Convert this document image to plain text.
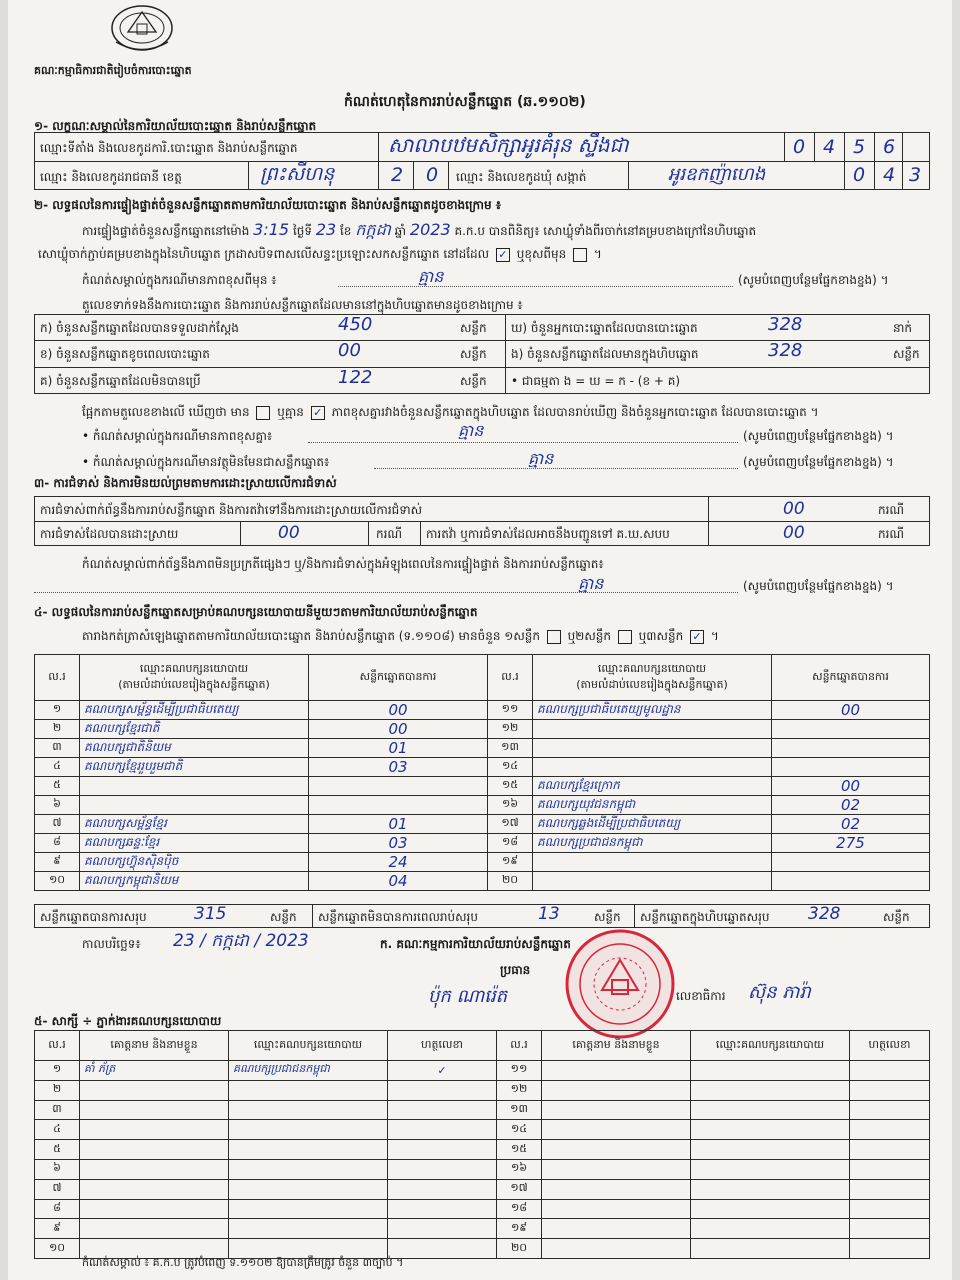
គណៈកម្មាធិការជាតិរៀបចំការបោះឆ្នោត
កំណត់ហេតុនៃការរាប់សន្លឹកឆ្នោត (ឆ.១១០២)
១- លក្ខណៈសម្គាល់នៃការិយាល័យបោះឆ្នោត និងរាប់សន្លឹកឆ្នោត
ឈ្មោះទីតាំង និងលេខកូដការិ.បោះឆ្នោត និងរាប់សន្លឹកឆ្នោត	សាលាបឋមសិក្សាអូរគំរុន ស្ទឹងជា	0 4 5 6
ឈ្មោះ និងលេខកូដរាជធានី ខេត្ត	ព្រះសីហនុ	2	0	ឈ្មោះ និងលេខកូដឃុំ សង្កាត់	អូរឧកញ៉ាហេង	0 4 3
២- លទ្ធផលនៃការផ្ទៀងផ្ទាត់ចំនួនសន្លឹកឆ្នោតតាមការិយាល័យបោះឆ្នោត និងរាប់សន្លឹកឆ្នោតដូចខាងក្រោម ៖
ការផ្ទៀងផ្ទាត់ចំនួនសន្លឹកឆ្នោតនៅម៉ោង 3:15 ថ្ងៃទី 23 ខែ កក្កដា ឆ្នាំ 2023 គ.ក.ប បានពិនិត្យ៖ សោឃ្លុំទាំងពីរចាក់នៅគម្របខាងក្រៅនៃហិបឆ្នោត
សោឃ្លុំចាក់ភ្ជាប់គម្របខាងក្នុងនៃហិបឆ្នោត ក្រដាសបិទពាសលើសន្ទះប្រឡោះសកសន្លឹកឆ្នោត នៅដដែល ✓ ឬខុសពីមុន  ។
កំណត់សម្គាល់ក្នុងករណីមានភាពខុសពីមុន ៖	គ្មាន	(សូមបំពេញបន្ថែមផ្នែកខាងខ្នង) ។
តួលេខទាក់ទងនឹងការបោះឆ្នោត និងការរាប់សន្លឹកឆ្នោតដែលមាននៅក្នុងហិបឆ្នោតមានដូចខាងក្រោម ៖
ក) ចំនួនសន្លឹកឆ្នោតដែលបានទទួលដាក់ស្តែង	450	សន្លឹក
ខ) ចំនួនសន្លឹកឆ្នោតខូចពេលបោះឆ្នោត	00	សន្លឹក
គ) ចំនួនសន្លឹកឆ្នោតដែលមិនបានប្រើ	122	សន្លឹក
ឃ) ចំនួនអ្នកបោះឆ្នោតដែលបានបោះឆ្នោត	328	នាក់
ង) ចំនួនសន្លឹកឆ្នោតដែលមានក្នុងហិបឆ្នោត	328	សន្លឹក
• ជាធម្មតា ង = ឃ = ក - (ខ + គ)
ផ្អែកតាមតួលេខខាងលើ ឃើញថា មាន ឬគ្មាន ✓ ភាពខុសគ្នារវាងចំនួនសន្លឹកឆ្នោតក្នុងហិបឆ្នោត ដែលបានរាប់ឃើញ និងចំនួនអ្នកបោះឆ្នោត ដែលបានបោះឆ្នោត ។
• កំណត់សម្គាល់ក្នុងករណីមានភាពខុសគ្នា៖	គ្មាន	(សូមបំពេញបន្ថែមផ្នែកខាងខ្នង) ។
• កំណត់សម្គាល់ក្នុងករណីមានវត្ថុមិនមែនជាសន្លឹកឆ្នោត៖	គ្មាន	(សូមបំពេញបន្ថែមផ្នែកខាងខ្នង) ។
៣- ការជំទាស់ និងការមិនយល់ព្រមតាមការដោះស្រាយលើការជំទាស់
ការជំទាស់ពាក់ព័ន្ធនឹងការរាប់សន្លឹកឆ្នោត និងការតវ៉ាទៅនឹងការដោះស្រាយលើការជំទាស់	00	ករណី
ការជំទាស់ដែលបានដោះស្រាយ	00	ករណី ការតវ៉ា ឬការជំទាស់ដែលអាចនឹងបញ្ជូនទៅ គ.ឃ.សបប	00	ករណី
កំណត់សម្គាល់ពាក់ព័ន្ធនឹងភាពមិនប្រក្រតីផ្សេងៗ ឬ/និងការជំទាស់ក្នុងអំឡុងពេលនៃការផ្ទៀងផ្ទាត់ និងការរាប់សន្លឹកឆ្នោត៖
គ្មាន	(សូមបំពេញបន្ថែមផ្នែកខាងខ្នង) ។
៤- លទ្ធផលនៃការរាប់សន្លឹកឆ្នោតសម្រាប់គណបក្សនយោបាយនីមួយៗតាមការិយាល័យរាប់សន្លឹកឆ្នោត
តារាងកត់ត្រាសំឡេងឆ្នោតតាមការិយាល័យបោះឆ្នោត និងរាប់សន្លឹកឆ្នោត (ទ.១១០៨) មានចំនួន ១សន្លឹក ឬ២សន្លឹក ឬ៣សន្លឹក ✓ ។
ល.រ	ឈ្មោះគណបក្សនយោបាយ
(តាមលំដាប់លេខរៀងក្នុងសន្លឹកឆ្នោត)	សន្លឹកឆ្នោតបានការ	ល.រ	ឈ្មោះគណបក្សនយោបាយ
(តាមលំដាប់លេខរៀងក្នុងសន្លឹកឆ្នោត)	សន្លឹកឆ្នោតបានការ
១	គណបក្សសម្ព័ន្ធដើម្បីប្រជាធិបតេយ្យ	00	១១	គណបក្សប្រជាធិបតេយ្យមូលដ្ឋាន	00
២	គណបក្សខ្មែរជាតិ	00	១២		
៣	គណបក្សជាតិនិយម	01	១៣		
៤	គណបក្សខ្មែររួបរួមជាតិ	03	១៤		
៥			១៥	គណបក្សខ្មែរក្រោក	00
៦			១៦	គណបក្សយុវជនកម្ពុជា	02
៧	គណបក្សសម្ព័ន្ធខ្មែរ	01	១៧	គណបក្សឆ្លងដើម្បីប្រជាធិបតេយ្យ	02
៨	គណបក្សឆន្ទៈខ្មែរ	03	១៨	គណបក្សប្រជាជនកម្ពុជា	275
៩	គណបក្សហ៊្វុនស៊ិនប៉ិច	24	១៩		
១០	គណបក្សកម្ពុជានិយម	04	២០		
សន្លឹកឆ្នោតបានការសរុប	315	សន្លឹក សន្លឹកឆ្នោតមិនបានការពេលរាប់សរុប	13	សន្លឹក សន្លឹកឆ្នោតក្នុងហិបឆ្នោតសរុប 328	សន្លឹក
កាលបរិច្ឆេទ៖ 23 / កក្កដា / 2023	ក. គណៈកម្មការការិយាល័យរាប់សន្លឹកឆ្នោត
ប្រធាន
ប៉ុក ណារ៉េត	លេខាធិការ ស៊ុន ភារ៉ា
៥- សាក្សី ÷ ភ្នាក់ងារគណបក្សនយោបាយ
ល.រ	គោត្តនាម និងនាមខ្លួន	ឈ្មោះគណបក្សនយោបាយ	ហត្ថលេខា	ល.រ	គោត្តនាម និងនាមខ្លួន	ឈ្មោះគណបក្សនយោបាយ	ហត្ថលេខា
១	គាំ ភ័ត្រ	គណបក្សប្រជាជនកម្ពុជា	✓	១១			
២				១២			
៣				១៣			
៤				១៤			
៥				១៥			
៦				១៦			
៧				១៧			
៨				១៨			
៩				១៩			
១០				២០			
កំណត់សម្គាល់ ៖ គ.ក.ប ត្រូវបំពេញ ទ.១១០២ ឱ្យបានត្រឹមត្រូវ ចំនួន ៣ច្បាប់ ។
